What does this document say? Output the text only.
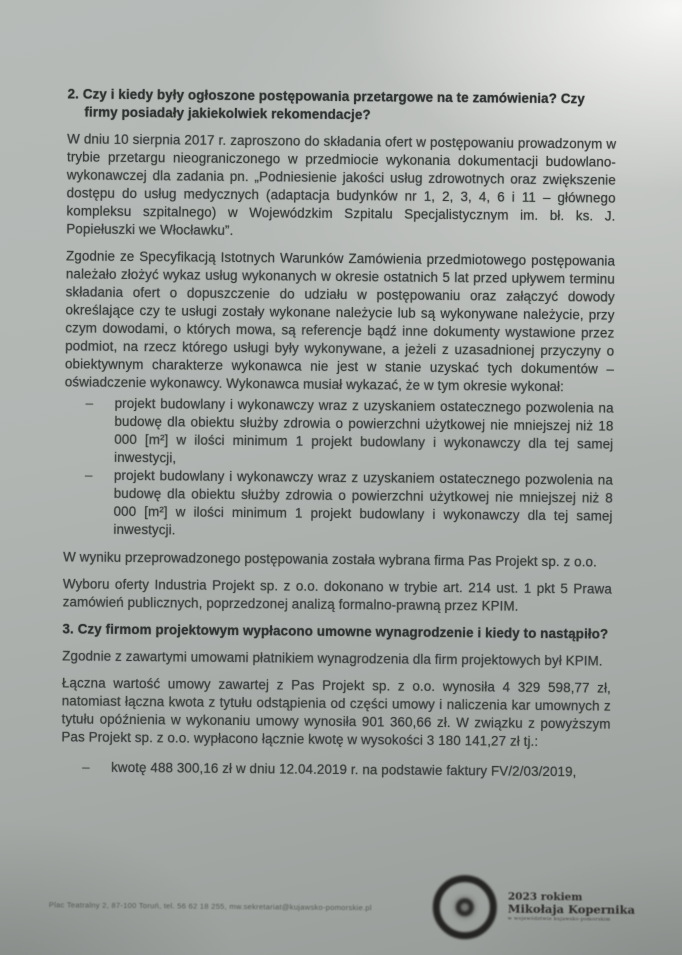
2. Czy i kiedy były ogłoszone postępowania przetargowe na te zamówienia? Czy firmy posiadały jakiekolwiek rekomendacje?

W dniu 10 sierpnia 2017 r. zaproszono do składania ofert w postępowaniu prowadzonym w trybie przetargu nieograniczonego w przedmiocie wykonania dokumentacji budowlano-wykonawczej dla zadania pn. „Podniesienie jakości usług zdrowotnych oraz zwiększenie dostępu do usług medycznych (adaptacja budynków nr 1, 2, 3, 4, 6 i 11 – głównego kompleksu szpitalnego) w Wojewódzkim Szpitalu Specjalistycznym im. bł. ks. J. Popiełuszki we Włocławku”.

Zgodnie ze Specyfikacją Istotnych Warunków Zamówienia przedmiotowego postępowania należało złożyć wykaz usług wykonanych w okresie ostatnich 5 lat przed upływem terminu składania ofert o dopuszczenie do udziału w postępowaniu oraz załączyć dowody określające czy te usługi zostały wykonane należycie lub są wykonywane należycie, przy czym dowodami, o których mowa, są referencje bądź inne dokumenty wystawione przez podmiot, na rzecz którego usługi były wykonywane, a jeżeli z uzasadnionej przyczyny o obiektywnym charakterze wykonawca nie jest w stanie uzyskać tych dokumentów – oświadczenie wykonawcy. Wykonawca musiał wykazać, że w tym okresie wykonał:

– projekt budowlany i wykonawczy wraz z uzyskaniem ostatecznego pozwolenia na budowę dla obiektu służby zdrowia o powierzchni użytkowej nie mniejszej niż 18 000 [m²] w ilości minimum 1 projekt budowlany i wykonawczy dla tej samej inwestycji,
– projekt budowlany i wykonawczy wraz z uzyskaniem ostatecznego pozwolenia na budowę dla obiektu służby zdrowia o powierzchni użytkowej nie mniejszej niż 8 000 [m²] w ilości minimum 1 projekt budowlany i wykonawczy dla tej samej inwestycji.

W wyniku przeprowadzonego postępowania została wybrana firma Pas Projekt sp. z o.o.

Wyboru oferty Industria Projekt sp. z o.o. dokonano w trybie art. 214 ust. 1 pkt 5 Prawa zamówień publicznych, poprzedzonej analizą formalno-prawną przez KPIM.

3. Czy firmom projektowym wypłacono umowne wynagrodzenie i kiedy to nastąpiło?

Zgodnie z zawartymi umowami płatnikiem wynagrodzenia dla firm projektowych był KPIM.

Łączna wartość umowy zawartej z Pas Projekt sp. z o.o. wynosiła 4 329 598,77 zł, natomiast łączna kwota z tytułu odstąpienia od części umowy i naliczenia kar umownych z tytułu opóźnienia w wykonaniu umowy wynosiła 901 360,66 zł. W związku z powyższym Pas Projekt sp. z o.o. wypłacono łącznie kwotę w wysokości 3 180 141,27 zł tj.:

– kwotę 488 300,16 zł w dniu 12.04.2019 r. na podstawie faktury FV/2/03/2019,
Plac Teatralny 2, 87-100 Toruń, tel. 56 62 18 255, mw.sekretariat@kujawsko-pomorskie.pl
2023 rokiem
Mikołaja Kopernika
w województwie kujawsko-pomorskim
